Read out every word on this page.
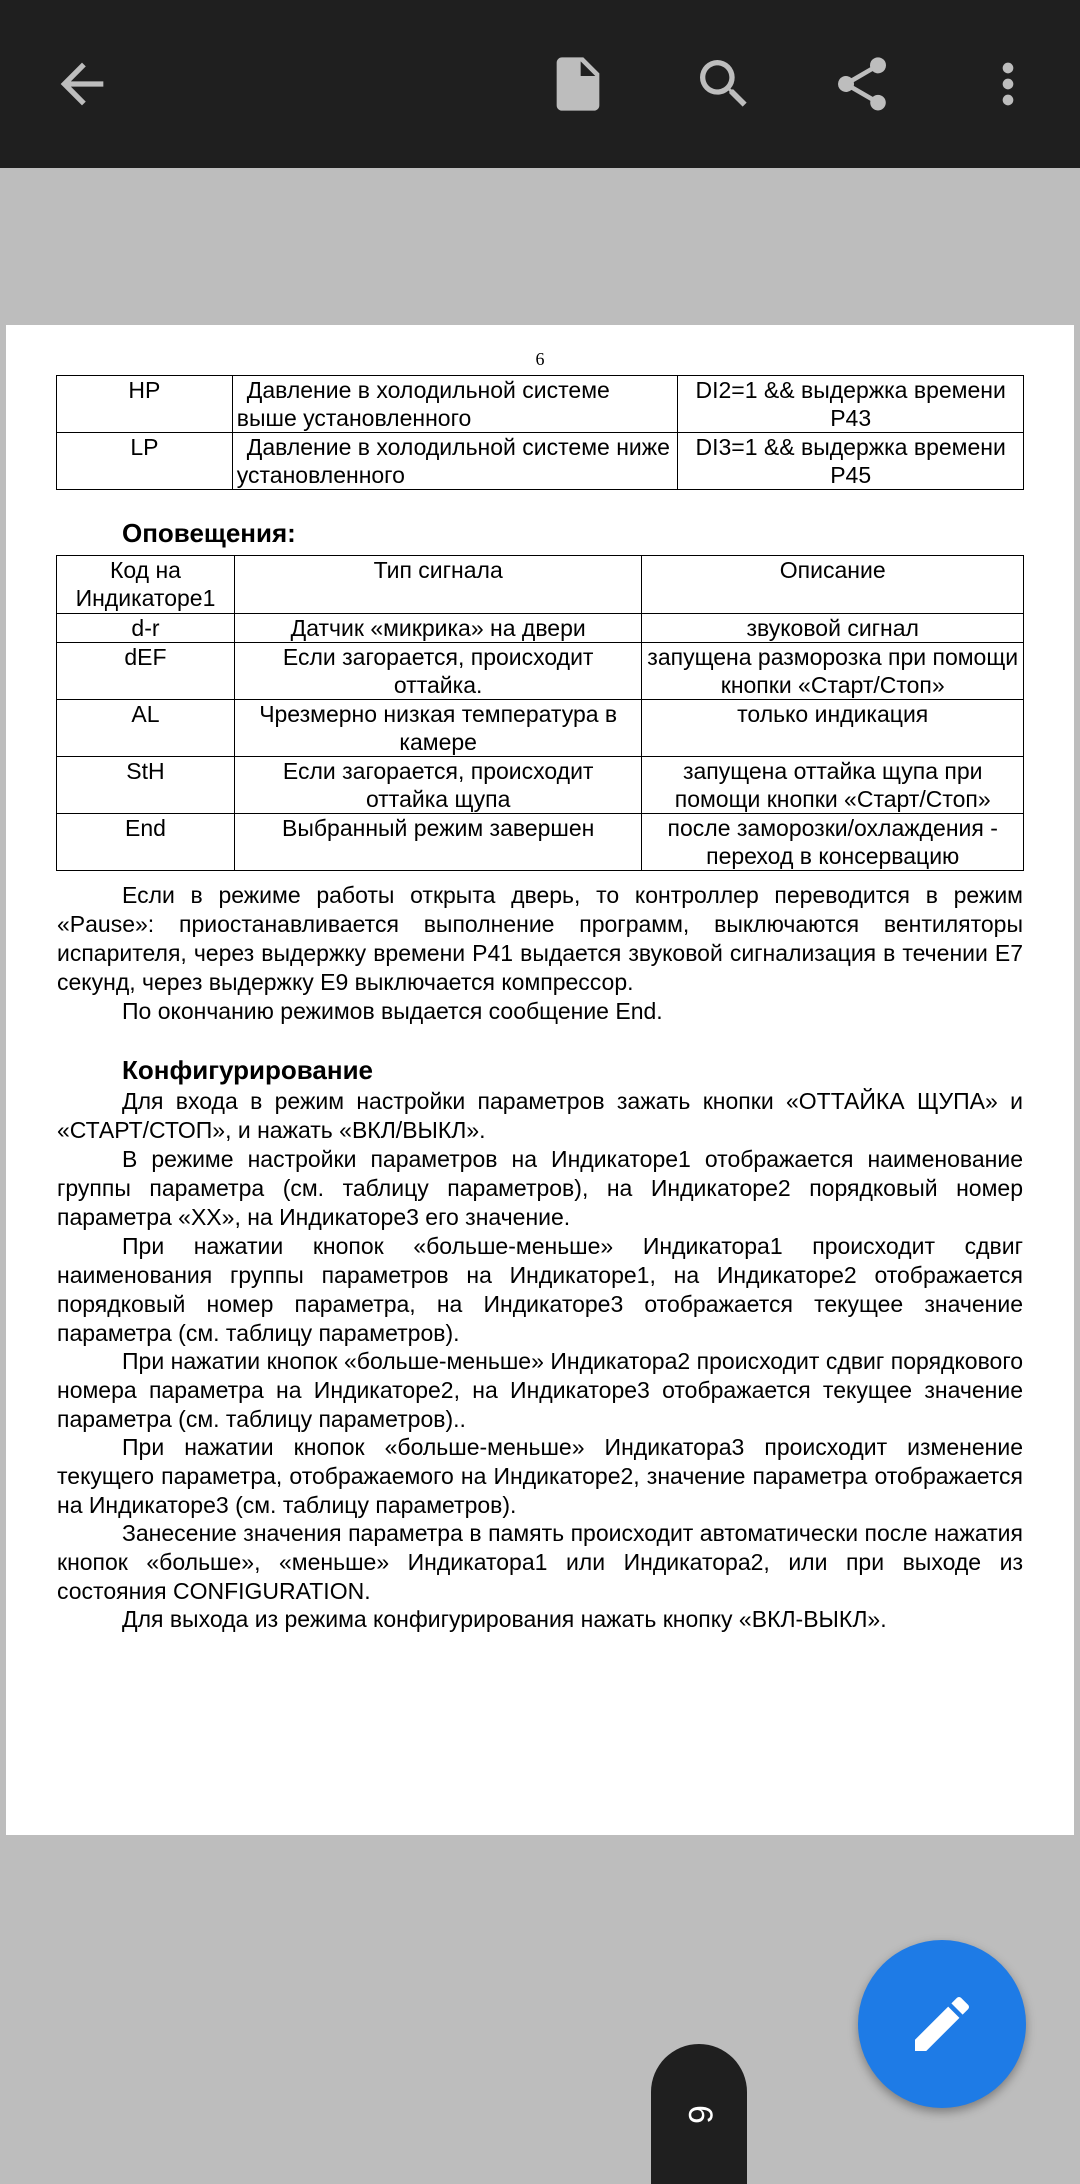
6
HP	Давление в холодильной системе выше установленного	DI2=1 && выдержка времени P43
LP	Давление в холодильной системе ниже установленного	DI3=1 && выдержка времени P45
Оповещения:
Код на Индикаторе1	Тип сигнала	Описание
d-r	Датчик «микрика» на двери	звуковой сигнал
dEF	Если загорается, происходит оттайка.	запущена разморозка при помощи кнопки «Старт/Стоп»
AL	Чрезмерно низкая температура в камере	только индикация
StH	Если загорается, происходит оттайка щупа	запущена оттайка щупа при помощи кнопки «Старт/Стоп»
End	Выбранный режим завершен	после заморозки/охлаждения - переход в консервацию
Если в режиме работы открыта дверь, то контроллер переводится в режим «Pause»: приостанавливается выполнение программ, выключаются вентиляторы испарителя, через выдержку времени P41 выдается звуковой сигнализация в течении E7 секунд, через выдержку E9 выключается компрессор.
По окончанию режимов выдается сообщение End.
Конфигурирование
Для входа в режим настройки параметров зажать кнопки «ОТТАЙКА ЩУПА» и «СТАРТ/СТОП», и нажать «ВКЛ/ВЫКЛ».
В режиме настройки параметров на Индикаторе1 отображается наименование группы параметра (см. таблицу параметров), на Индикаторе2 порядковый номер параметра «XX», на Индикаторе3 его значение.
При нажатии кнопок «больше-меньше» Индикатора1 происходит сдвиг наименования группы параметров на Индикаторе1, на Индикаторе2 отображается порядковый номер параметра, на Индикаторе3 отображается текущее значение параметра (см. таблицу параметров).
При нажатии кнопок «больше-меньше» Индикатора2 происходит сдвиг порядкового номера параметра на Индикаторе2, на Индикаторе3 отображается текущее значение параметра (см. таблицу параметров)..
При нажатии кнопок «больше-меньше» Индикатора3 происходит изменение текущего параметра, отображаемого на Индикаторе2, значение параметра отображается на Индикаторе3 (см. таблицу параметров).
Занесение значения параметра в память происходит автоматически после нажатия кнопок «больше», «меньше» Индикатора1 или Индикатора2, или при выходе из состояния CONFIGURATION.
Для выхода из режима конфигурирования нажать кнопку «ВКЛ-ВЫКЛ».
6
